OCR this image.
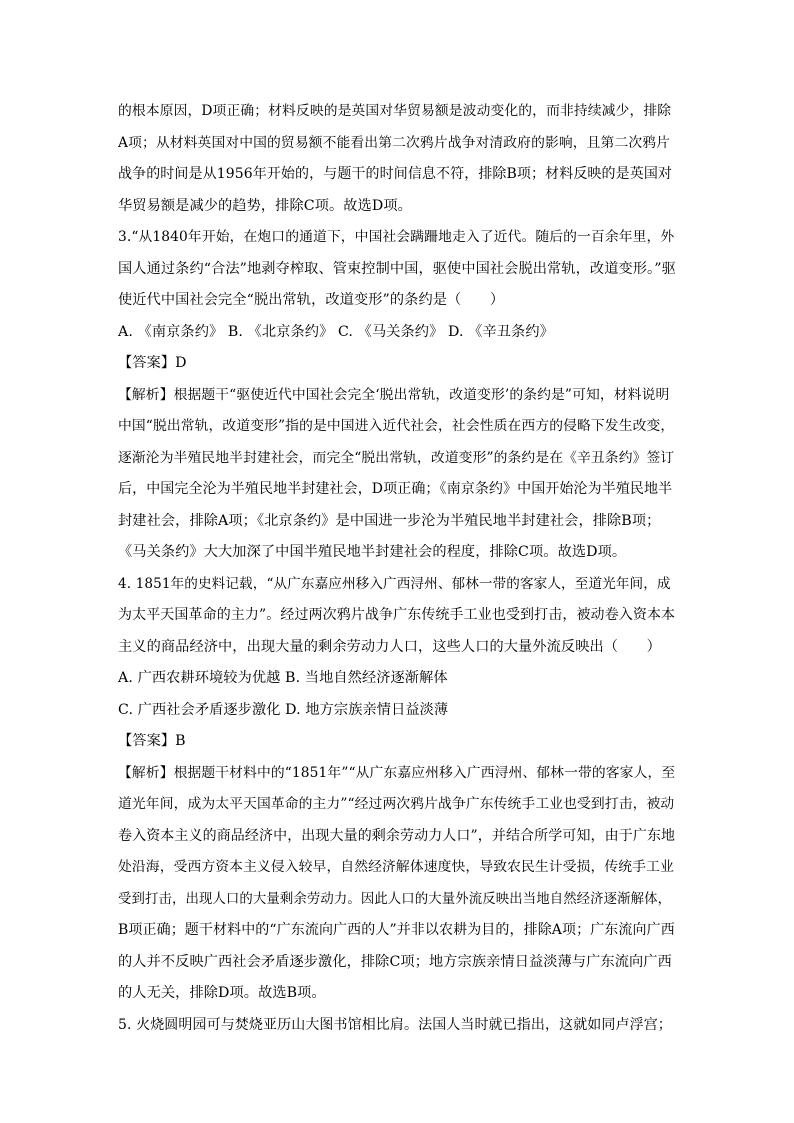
的根本原因，D项正确；材料反映的是英国对华贸易额是波动变化的，而非持续减少，排除
A项；从材料英国对中国的贸易额不能看出第二次鸦片战争对清政府的影响，且第二次鸦片
战争的时间是从1956年开始的，与题干的时间信息不符，排除B项；材料反映的是英国对
华贸易额是减少的趋势，排除C项。故选D项。
3.“从1840年开始，在炮口的通道下，中国社会蹒跚地走入了近代。随后的一百余年里，外
国人通过条约“合法”地剥夺榨取、管束控制中国，驱使中国社会脱出常轨，改道变形。”驱
使近代中国社会完全“脱出常轨，改道变形”的条约是（　　）
A. 《南京条约》 B. 《北京条约》 C. 《马关条约》 D. 《辛丑条约》
【答案】D
【解析】根据题干“驱使近代中国社会完全‘脱出常轨，改道变形’的条约是”可知，材料说明
中国“脱出常轨，改道变形”指的是中国进入近代社会，社会性质在西方的侵略下发生改变，
逐渐沦为半殖民地半封建社会，而完全“脱出常轨，改道变形”的条约是在《辛丑条约》签订
后，中国完全沦为半殖民地半封建社会，D项正确；《南京条约》中国开始沦为半殖民地半
封建社会，排除A项；《北京条约》是中国进一步沦为半殖民地半封建社会，排除B项；
《马关条约》大大加深了中国半殖民地半封建社会的程度，排除C项。故选D项。
4. 1851年的史料记载，“从广东嘉应州移入广西浔州、郁林一带的客家人，至道光年间，成
为太平天国革命的主力”。经过两次鸦片战争广东传统手工业也受到打击，被动卷入资本本
主义的商品经济中，出现大量的剩余劳动力人口，这些人口的大量外流反映出（　　）
A. 广西农耕环境较为优越 B. 当地自然经济逐渐解体
C. 广西社会矛盾逐步激化 D. 地方宗族亲情日益淡薄
【答案】B
【解析】根据题干材料中的“1851年”“从广东嘉应州移入广西浔州、郁林一带的客家人，至
道光年间，成为太平天国革命的主力”“经过两次鸦片战争广东传统手工业也受到打击，被动
卷入资本主义的商品经济中，出现大量的剩余劳动力人口”，并结合所学可知，由于广东地
处沿海，受西方资本主义侵入较早，自然经济解体速度快，导致农民生计受损，传统手工业
受到打击，出现人口的大量剩余劳动力。因此人口的大量外流反映出当地自然经济逐渐解体，
B项正确；题干材料中的“广东流向广西的人”并非以农耕为目的，排除A项；广东流向广西
的人并不反映广西社会矛盾逐步激化，排除C项；地方宗族亲情日益淡薄与广东流向广西
的人无关，排除D项。故选B项。
5. 火烧圆明园可与焚烧亚历山大图书馆相比肩。法国人当时就已指出，这就如同卢浮宫；
